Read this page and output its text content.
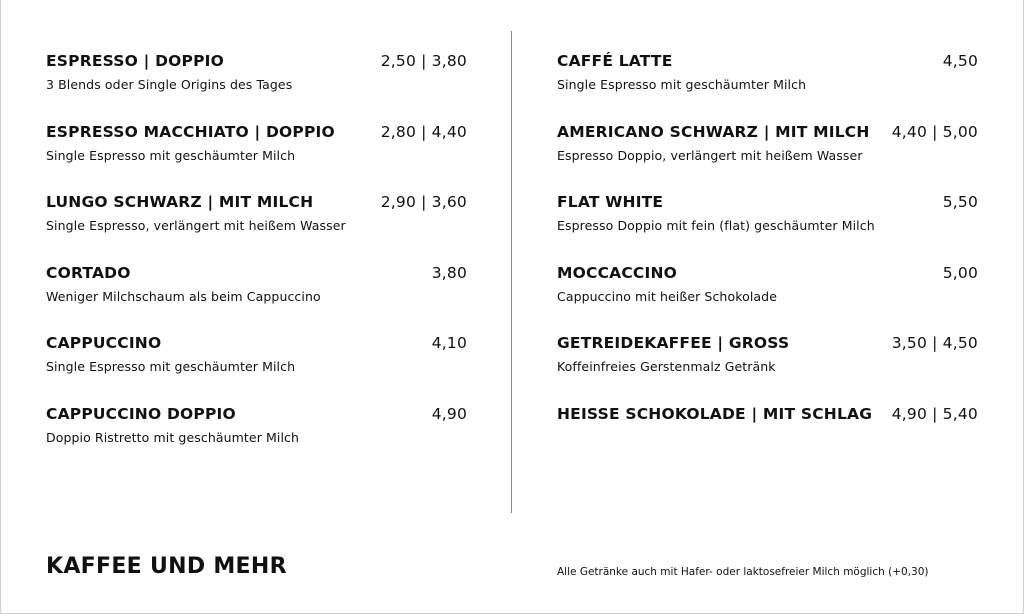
ESPRESSO | DOPPIO	2,50 | 3,80
3 Blends oder Single Origins des Tages
ESPRESSO MACCHIATO | DOPPIO	2,80 | 4,40
Single Espresso mit geschäumter Milch
LUNGO SCHWARZ | MIT MILCH	2,90 | 3,60
Single Espresso, verlängert mit heißem Wasser
CORTADO	3,80
Weniger Milchschaum als beim Cappuccino
CAPPUCCINO	4,10
Single Espresso mit geschäumter Milch
CAPPUCCINO DOPPIO	4,90
Doppio Ristretto mit geschäumter Milch
CAFFÉ LATTE	4,50
Single Espresso mit geschäumter Milch
AMERICANO SCHWARZ | MIT MILCH 4,40 | 5,00
Espresso Doppio, verlängert mit heißem Wasser
FLAT WHITE	5,50
Espresso Doppio mit fein (flat) geschäumter Milch
MOCCACCINO	5,00
Cappuccino mit heißer Schokolade
GETREIDEKAFFEE | GROSS	3,50 | 4,50
Koffeinfreies Gerstenmalz Getränk
HEISSE SCHOKOLADE | MIT SCHLAG 4,90 | 5,40
KAFFEE UND MEHR	Alle Getränke auch mit Hafer- oder laktosefreier Milch möglich (+0,30)
